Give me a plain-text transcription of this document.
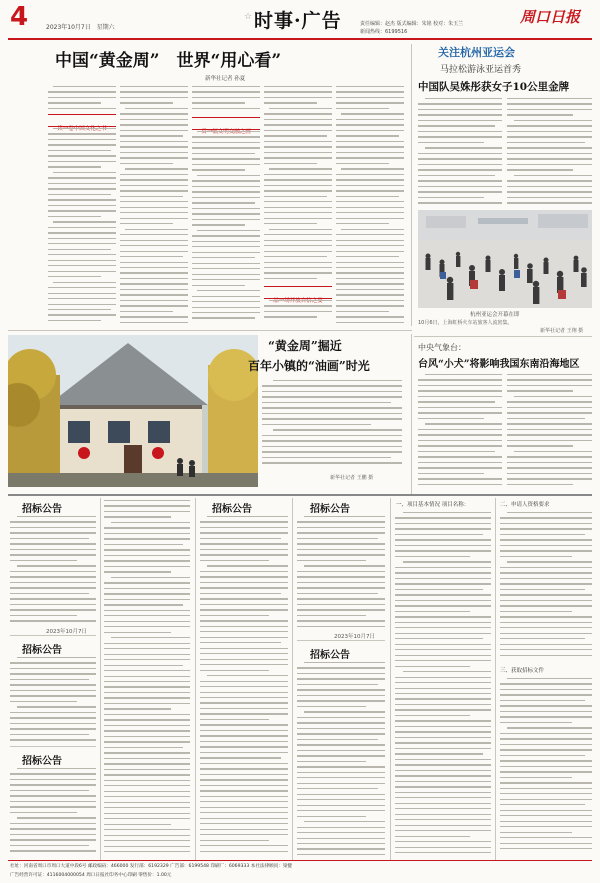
4	2023年10月7日 星期六
☆ 时事·广告	责任编辑：赵杰 版式编辑：朱铭 校对：朱玉兰
新闻热线：6199516
周口日报
中国“黄金周”　世界“用心看”
新华社记者 孙夏
关注杭州亚运会
马拉松游泳亚运首秀
中国队吴姝彤获女子10公里金牌
杭州亚运会开幕在即
10月6日，上海虹桥火车站旅客人流密集。
新华社记者 王翔 摄
“黄金周”掘近
百年小镇的“油画”时光
新华社记者 王鹏 摄
中央气象台：
台风“小犬”将影响我国东南沿海地区
招标公告
2023年10月7日
招标公告
招标公告
招标公告	招标公告
2023年10月7日
招标公告
一、项目基本情况 项目名称：	二、申请人资格要求
三、获取招标文件
社址：河南省周口市周口大道中段6号 邮政编码：466000 发行部：6192329 广告部：6199548 印刷厂：6069333 本社法律顾问：梁健
广告经营许可证：4116004000054 周口日报社印务中心印刷 零售价：1.00元
